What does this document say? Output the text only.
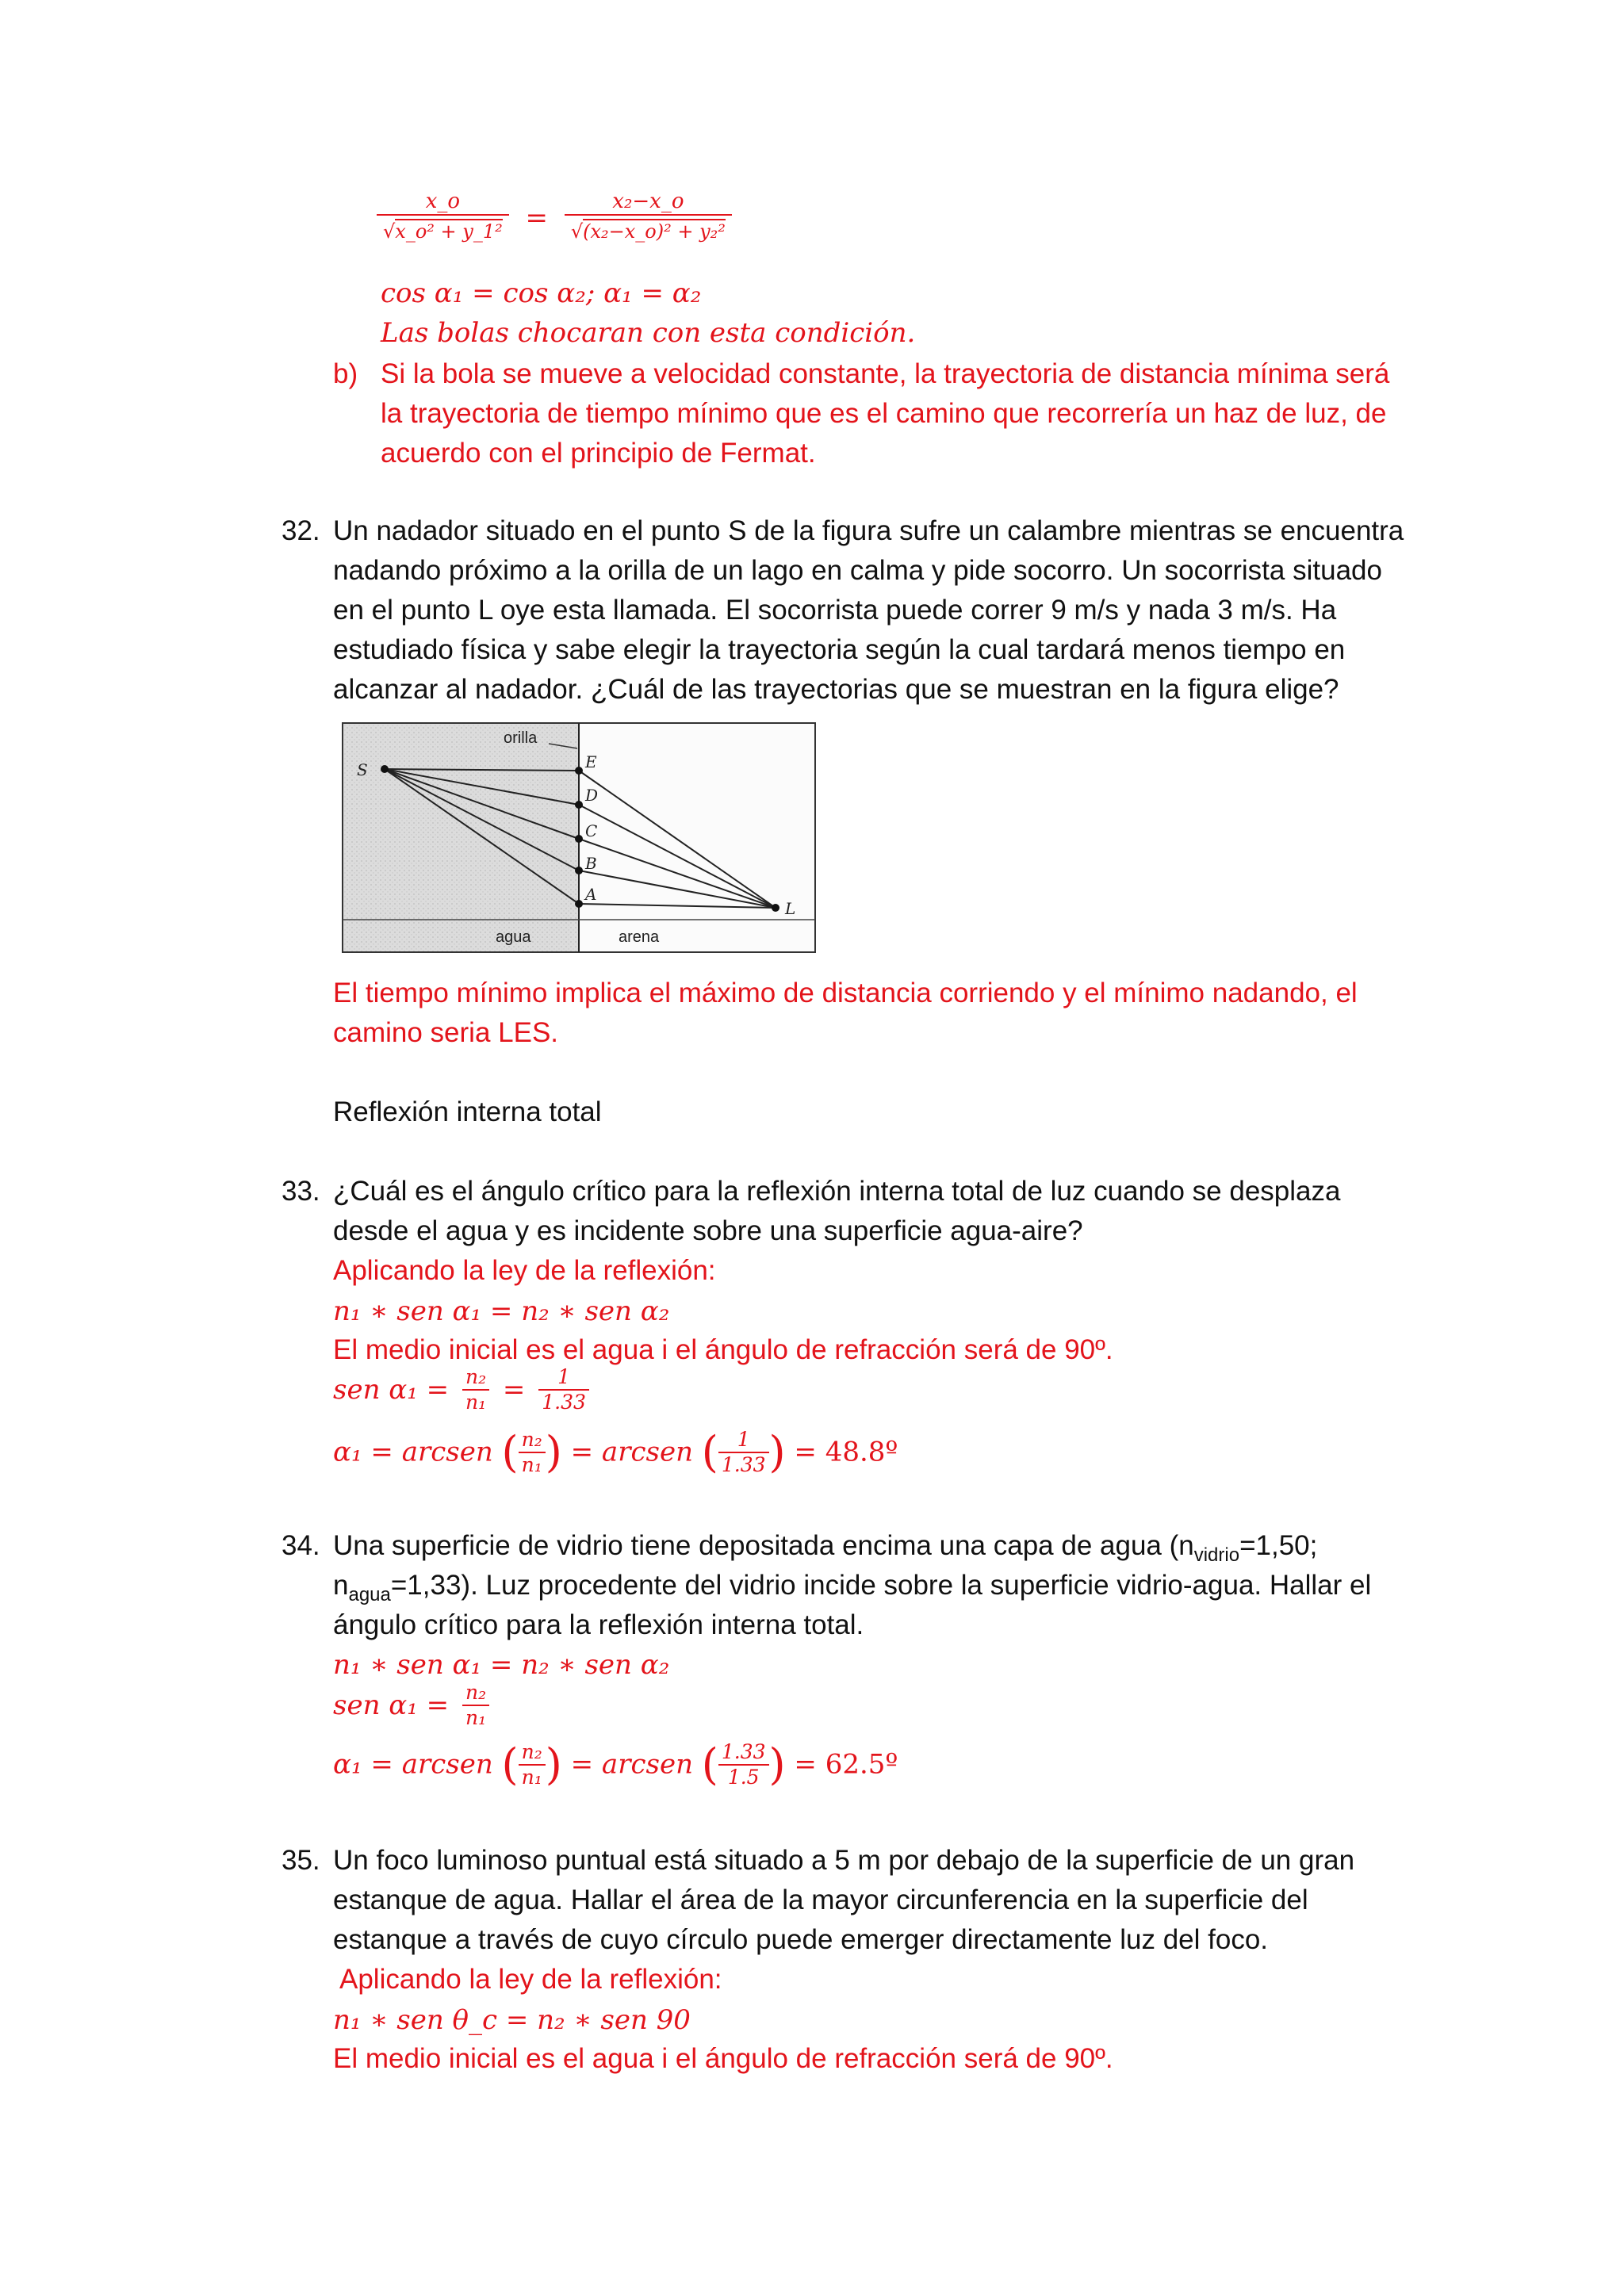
$\frac{x\_o}{\text{√x\_o² + y\_1²}} = \frac{\text{x₂−x\_o}}{\text{√(x₂−x\_o)² + y₂²}}$
cos α₁ = cos α₂; α₁ = α₂
Las bolas chocaran con esta condición.
b) Si la bola se mueve a velocidad constante, la trayectoria de distancia mínima será
la trayectoria de tiempo mínimo que es el camino que recorrería un haz de luz, de
acuerdo con el principio de Fermat.
32. Un nadador situado en el punto S de la figura sufre un calambre mientras se encuentra
nadando próximo a la orilla de un lago en calma y pide socorro. Un socorrista situado
en el punto L oye esta llamada. El socorrista puede correr 9 m/s y nada 3 m/s. Ha
estudiado física y sabe elegir la trayectoria según la cual tardará menos tiempo en
alcanzar al nadador. ¿Cuál de las trayectorias que se muestran en la figura elige?
orilla
agua	arena
S	E
D
C
B
A
L
El tiempo mínimo implica el máximo de distancia corriendo y el mínimo nadando, el
camino seria LES.
Reflexión interna total
33. ¿Cuál es el ángulo crítico para la reflexión interna total de luz cuando se desplaza
desde el agua y es incidente sobre una superficie agua-aire?
Aplicando la ley de la reflexión:
n₁ ∗ sen α₁ = n₂ ∗ sen α₂
El medio inicial es el agua i el ángulo de refracción será de 90º.
sen $\alpha_1 = \frac{\text{n₂}}{\text{n₁}} = \frac{1}{1.33}$
α₁ = arcsen ( $\frac{\text{n₂}}{\text{n₁}}$ ) = arcsen ( $\frac{1}{1.33}$ ) = 48.8º
34. Una superficie de vidrio tiene depositada encima una capa de agua ($n_{vidrio}=1,50$;
$n_{agua}=1,33$). Luz procedente del vidrio incide sobre la superficie vidrio-agua. Hallar el
ángulo crítico para la reflexión interna total.
n₁ ∗ sen α₁ = n₂ ∗ sen α₂
sen $\alpha_1 = \frac{\text{n₂}}{\text{n₁}}$
α₁ = arcsen ( $\frac{\text{n₂}}{\text{n₁}}$ ) = arcsen ( $\frac{1.33}{1.5}$ ) = 62.5º
35. Un foco luminoso puntual está situado a 5 m por debajo de la superficie de un gran
estanque de agua. Hallar el área de la mayor circunferencia en la superficie del
estanque a través de cuyo círculo puede emerger directamente luz del foco.
Aplicando la ley de la reflexión:
n₁ ∗ sen θ_c = n₂ ∗ sen 90
El medio inicial es el agua i el ángulo de refracción será de 90º.
